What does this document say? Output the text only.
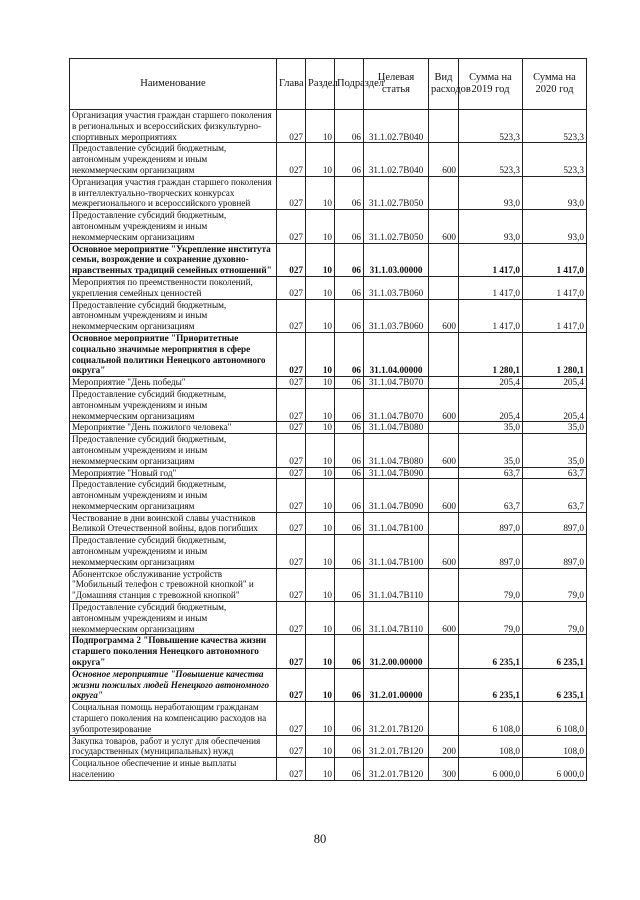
Наименование	Глава	Раздел	Подраздел	Целевая статья	Вид расходов	Сумма на 2019 год	Сумма на 2020 год
Организация участия граждан старшего поколения в региональных и всероссийских физкультурно-спортивных мероприятиях	027	10	06	31.1.02.7В040		523,3	523,3
Предоставление субсидий бюджетным, автономным учреждениям и иным некоммерческим организациям	027	10	06	31.1.02.7В040	600	523,3	523,3
Организация участия граждан старшего поколения в интеллектуально-творческих конкурсах межрегионального и всероссийского уровней	027	10	06	31.1.02.7В050		93,0	93,0
Предоставление субсидий бюджетным, автономным учреждениям и иным некоммерческим организациям	027	10	06	31.1.02.7В050	600	93,0	93,0
Основное мероприятие "Укрепление института семьи, возрождение и сохранение духовно-нравственных традиций семейных отношений"	027	10	06	31.1.03.00000		1 417,0	1 417,0
Мероприятия по преемственности поколений, укрепления семейных ценностей	027	10	06	31.1.03.7В060		1 417,0	1 417,0
Предоставление субсидий бюджетным, автономным учреждениям и иным некоммерческим организациям	027	10	06	31.1.03.7В060	600	1 417,0	1 417,0
Основное мероприятие "Приоритетные социально значимые мероприятия в сфере социальной политики Ненецкого автономного округа"	027	10	06	31.1.04.00000		1 280,1	1 280,1
Мероприятие "День победы"	027	10	06	31.1.04.7В070		205,4	205,4
Предоставление субсидий бюджетным, автономным учреждениям и иным некоммерческим организациям	027	10	06	31.1.04.7В070	600	205,4	205,4
Мероприятие "День пожилого человека"	027	10	06	31.1.04.7В080		35,0	35,0
Предоставление субсидий бюджетным, автономным учреждениям и иным некоммерческим организациям	027	10	06	31.1.04.7В080	600	35,0	35,0
Мероприятие "Новый год"	027	10	06	31.1.04.7В090		63,7	63,7
Предоставление субсидий бюджетным, автономным учреждениям и иным некоммерческим организациям	027	10	06	31.1.04.7В090	600	63,7	63,7
Чествование в дни воинской славы участников Великой Отечественной войны, вдов погибших	027	10	06	31.1.04.7В100		897,0	897,0
Предоставление субсидий бюджетным, автономным учреждениям и иным некоммерческим организациям	027	10	06	31.1.04.7В100	600	897,0	897,0
Абонентское обслуживание устройств "Мобильный телефон с тревожной кнопкой" и "Домашняя станция с тревожной кнопкой"	027	10	06	31.1.04.7В110		79,0	79,0
Предоставление субсидий бюджетным, автономным учреждениям и иным некоммерческим организациям	027	10	06	31.1.04.7В110	600	79,0	79,0
Подпрограмма 2 "Повышение качества жизни старшего поколения Ненецкого автономного округа"	027	10	06	31.2.00.00000		6 235,1	6 235,1
Основное мероприятие "Повышение качества жизни пожилых людей Ненецкого автономного округа"	027	10	06	31.2.01.00000		6 235,1	6 235,1
Социальная помощь неработающим гражданам старшего поколения на компенсацию расходов на зубопротезирование	027	10	06	31.2.01.7В120		6 108,0	6 108,0
Закупка товаров, работ и услуг для обеспечения государственных (муниципальных) нужд	027	10	06	31.2.01.7В120	200	108,0	108,0
Социальное обеспечение и иные выплаты населению	027	10	06	31.2.01.7В120	300	6 000,0	6 000,0
80
